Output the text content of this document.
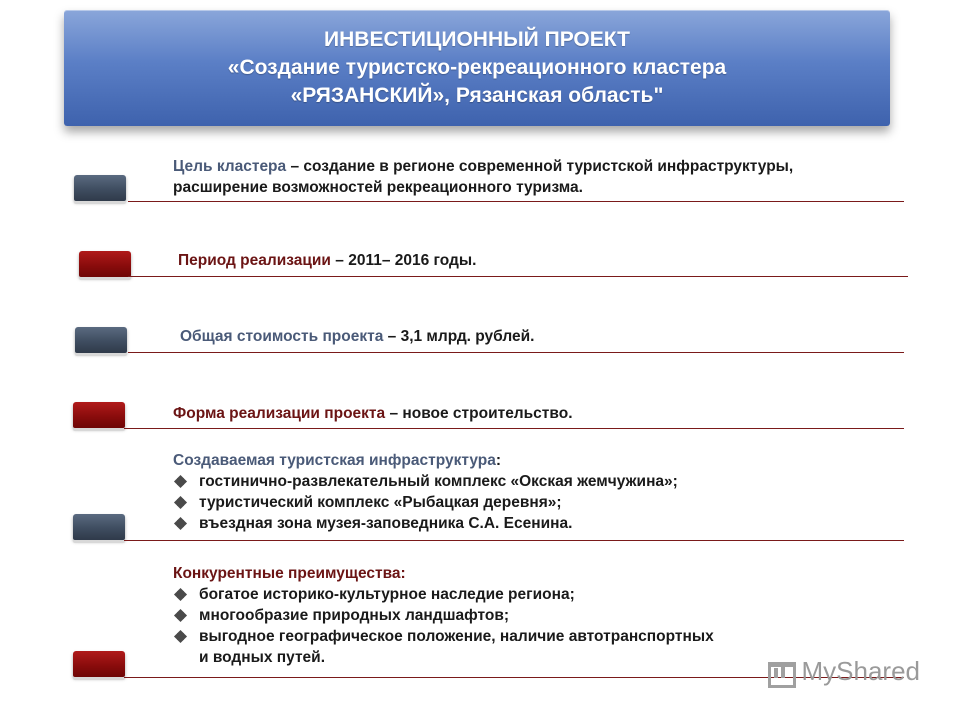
ИНВЕСТИЦИОННЫЙ ПРОЕКТ
«Создание туристско-рекреационного кластера
«РЯЗАНСКИЙ», Рязанская область"
Цель кластера – создание в регионе современной туристской инфраструктуры,
расширение возможностей рекреационного туризма.
Период реализации – 2011– 2016 годы.
Общая стоимость проекта – 3,1 млрд. рублей.
Форма реализации проекта – новое строительство.
Создаваемая туристская инфраструктура:
гостинично-развлекательный комплекс «Окская жемчужина»;
туристический комплекс «Рыбацкая деревня»;
въездная зона музея-заповедника С.А. Есенина.
Конкурентные преимущества:
богатое историко-культурное наследие региона;
многообразие природных ландшафтов;
выгодное географическое положение, наличие автотранспортных
и водных путей.	MyShared
